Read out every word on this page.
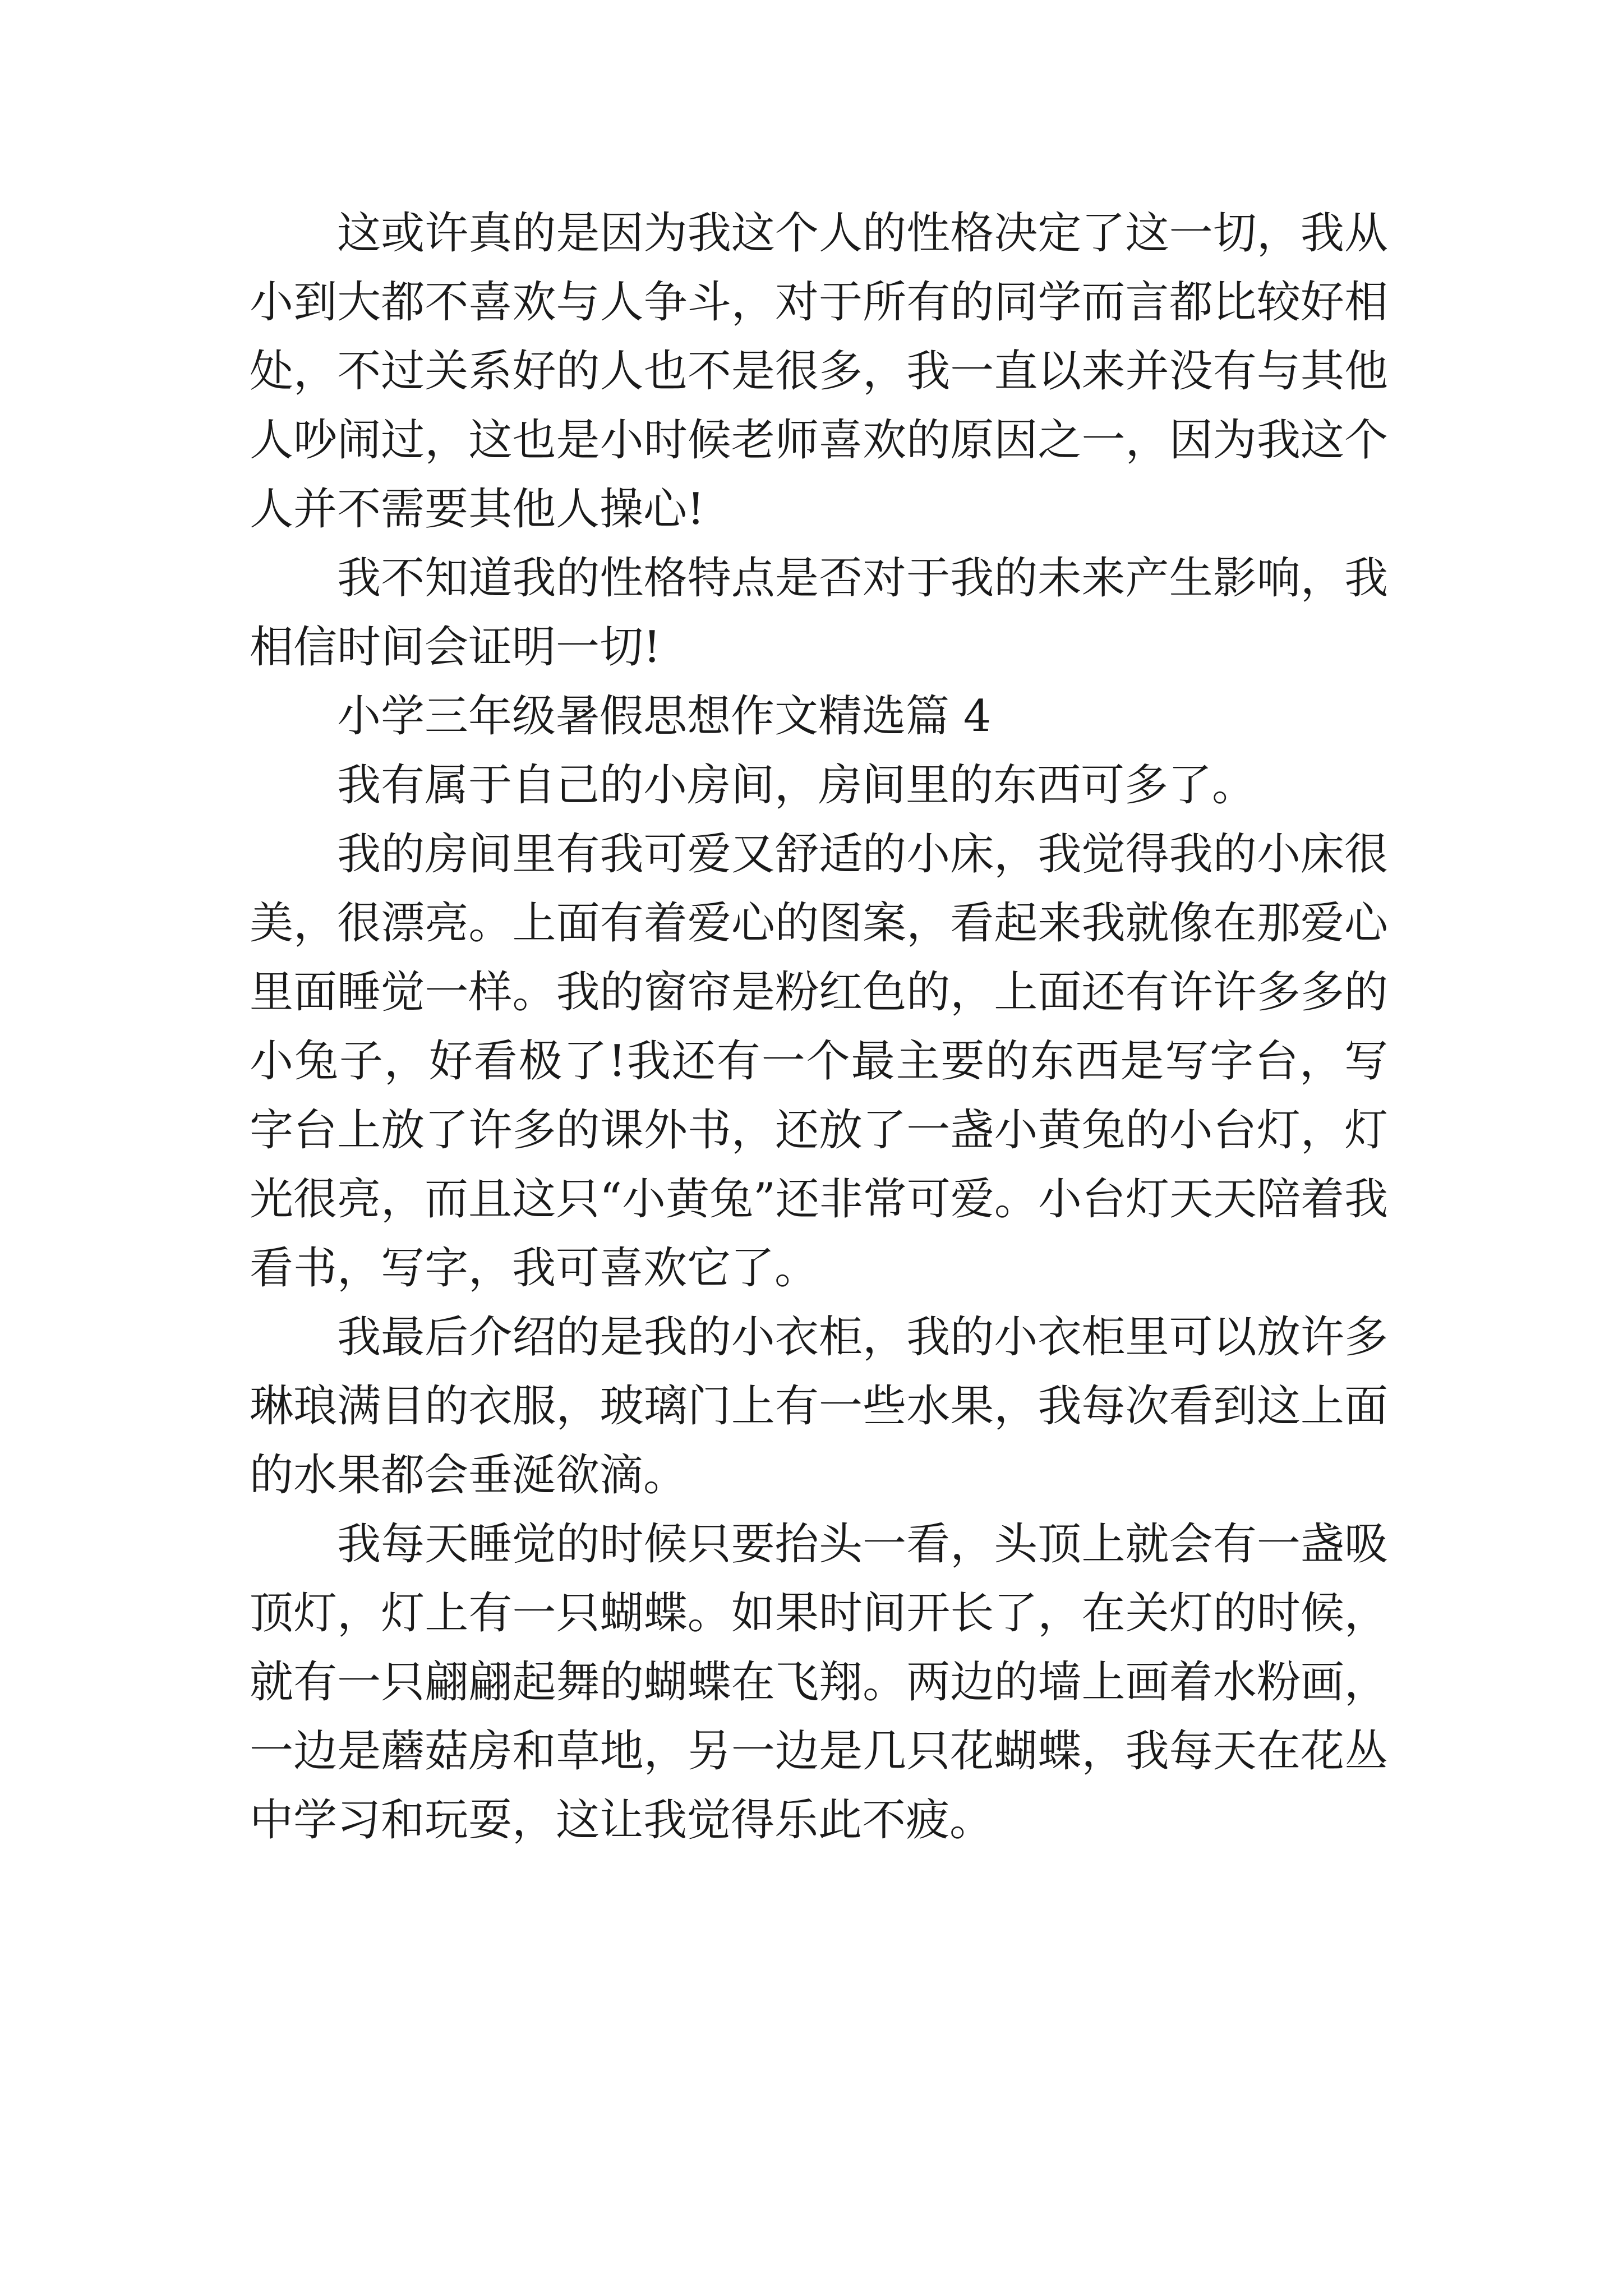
这或许真的是因为我这个人的性格决定了这一切，我从小到大都不喜欢与人争斗，对于所有的同学而言都比较好相处，不过关系好的人也不是很多，我一直以来并没有与其他人吵闹过，这也是小时候老师喜欢的原因之一，因为我这个人并不需要其他人操心!

我不知道我的性格特点是否对于我的未来产生影响，我相信时间会证明一切!

小学三年级暑假思想作文精选篇 4

我有属于自己的小房间，房间里的东西可多了。

我的房间里有我可爱又舒适的小床，我觉得我的小床很美，很漂亮。上面有着爱心的图案，看起来我就像在那爱心里面睡觉一样。我的窗帘是粉红色的，上面还有许许多多的小兔子，好看极了!我还有一个最主要的东西是写字台，写字台上放了许多的课外书，还放了一盏小黄兔的小台灯，灯光很亮，而且这只“小黄兔”还非常可爱。小台灯天天陪着我看书，写字，我可喜欢它了。

我最后介绍的是我的小衣柜，我的小衣柜里可以放许多琳琅满目的衣服，玻璃门上有一些水果，我每次看到这上面的水果都会垂涎欲滴。

我每天睡觉的时候只要抬头一看，头顶上就会有一盏吸顶灯，灯上有一只蝴蝶。如果时间开长了，在关灯的时候，就有一只翩翩起舞的蝴蝶在飞翔。两边的墙上画着水粉画，一边是蘑菇房和草地，另一边是几只花蝴蝶，我每天在花丛中学习和玩耍，这让我觉得乐此不疲。
